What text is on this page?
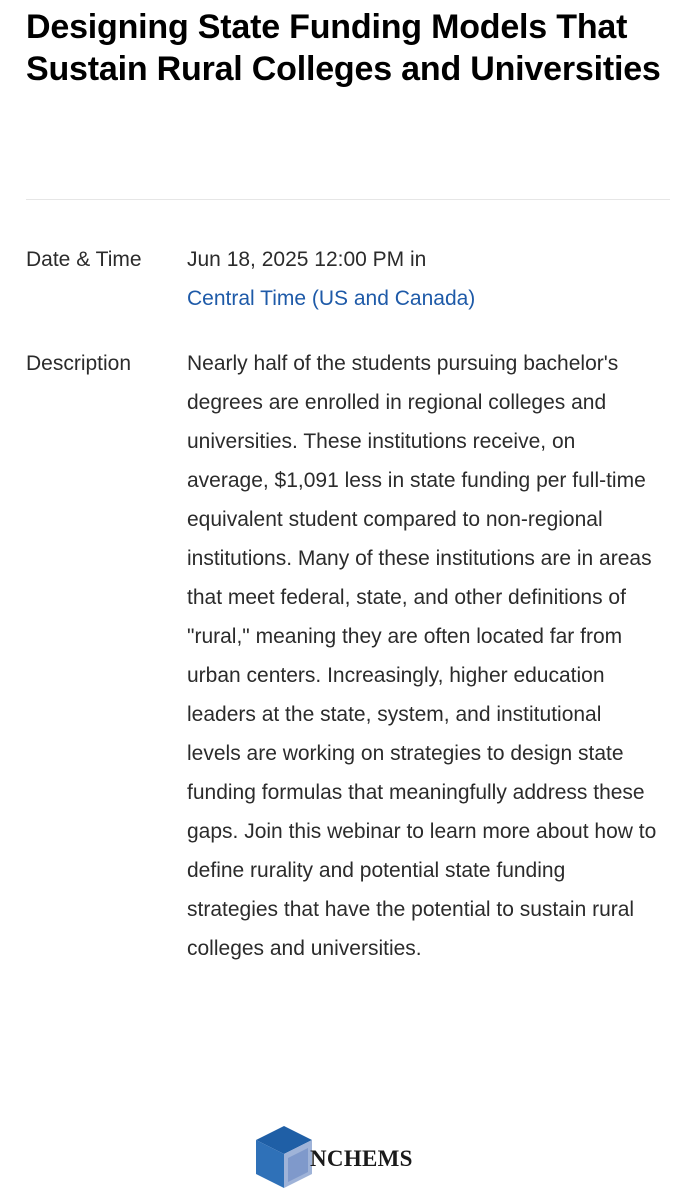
Designing State Funding Models That Sustain Rural Colleges and Universities
Date & Time Jun 18, 2025 12:00 PM in
Central Time (US and Canada)
Description	Nearly half of the students pursuing bachelor's degrees are enrolled in regional colleges and universities. These institutions receive, on average, $1,091 less in state funding per full-time equivalent student compared to non-regional institutions. Many of these institutions are in areas that meet federal, state, and other definitions of "rural," meaning they are often located far from urban centers. Increasingly, higher education leaders at the state, system, and institutional levels are working on strategies to design state funding formulas that meaningfully address these gaps. Join this webinar to learn more about how to define rurality and potential state funding strategies that have the potential to sustain rural colleges and universities.
NCHEMS
